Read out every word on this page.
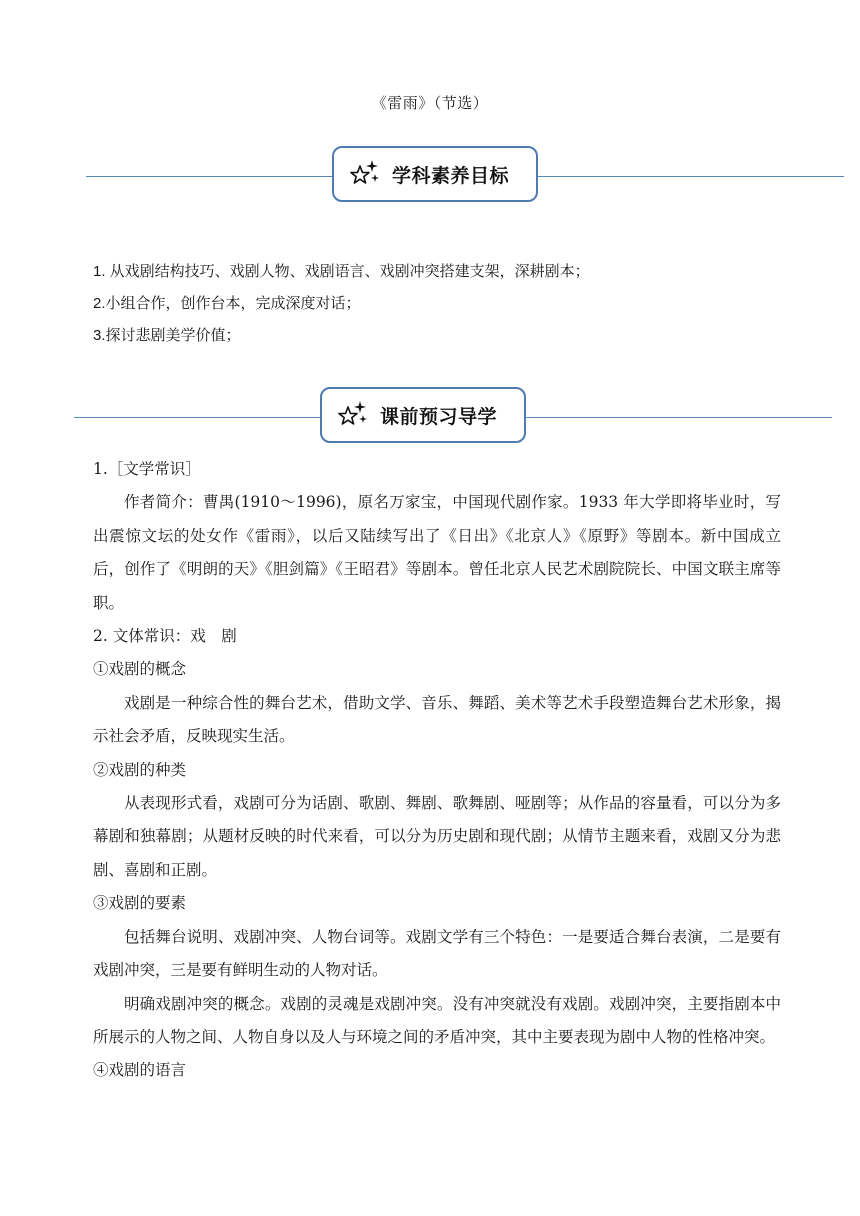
《雷雨》（节选）
学科素养目标
1. 从戏剧结构技巧、戏剧人物、戏剧语言、戏剧冲突搭建支架，深耕剧本；
2.小组合作，创作台本，完成深度对话；
3.探讨悲剧美学价值；
课前预习导学

1.［文学常识］

作者简介：曹禺(1910～1996)，原名万家宝，中国现代剧作家。1933 年大学即将毕业时，写出震惊文坛的处女作《雷雨》，以后又陆续写出了《日出》《北京人》《原野》等剧本。新中国成立后，创作了《明朗的天》《胆剑篇》《王昭君》等剧本。曾任北京人民艺术剧院院长、中国文联主席等职。

2. 文体常识：戏　剧

①戏剧的概念

戏剧是一种综合性的舞台艺术，借助文学、音乐、舞蹈、美术等艺术手段塑造舞台艺术形象，揭示社会矛盾，反映现实生活。

②戏剧的种类

从表现形式看，戏剧可分为话剧、歌剧、舞剧、歌舞剧、哑剧等；从作品的容量看，可以分为多幕剧和独幕剧；从题材反映的时代来看，可以分为历史剧和现代剧；从情节主题来看，戏剧又分为悲剧、喜剧和正剧。

③戏剧的要素

包括舞台说明、戏剧冲突、人物台词等。戏剧文学有三个特色：一是要适合舞台表演，二是要有戏剧冲突，三是要有鲜明生动的人物对话。

明确戏剧冲突的概念。戏剧的灵魂是戏剧冲突。没有冲突就没有戏剧。戏剧冲突，主要指剧本中所展示的人物之间、人物自身以及人与环境之间的矛盾冲突，其中主要表现为剧中人物的性格冲突。

④戏剧的语言
